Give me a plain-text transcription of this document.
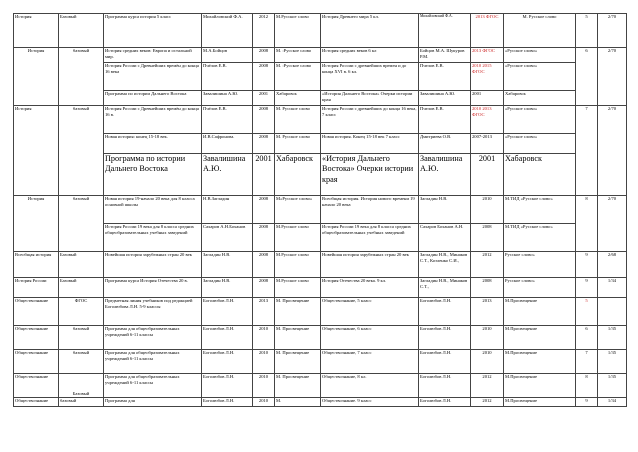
История	Базовый	Программа курса история 5 класс	Михайловский Ф.А.	2012	М.Русское слово	История Древнего мира 5 кл.	Михайловский Ф.А.	2013 ФГОС	М. Русское слово	5	2/70
История	базовый	История средних веков: Европа и остальной мир.	М.А.Бойцов	2008	М. :Русское слово	История средних веков 6 кл	Бойцов М.А. Шукуров Р.М.	2013 ФГОС	«Русское слово»	6	2/70
		История России с Древнейших времён до конца 16 века	Пчёлов Е.В.	2008	М. :Русское слово	История России с древнейших времен и до конца XVI в. 6 кл.	Пчелов Е.В.	2010 2015 ФГОС	«Русское слово»		
		Программа по истории Дальнего Востока	Завалишина А.Ю.	2001	Хабаровск	«История Дальнего Востока» Очерки истории края	Завалишина А.Ю.	2001	Хабаровск		
История	базовый	История России с Древнейших времён до конца 16 в.	Пчёлов Е.В.	2008	М. Русское слово	История России с древнейших до конца 16 века, 7 класс	Пчелов Е.В.	2010 2013 ФГОС	«Русское слово»	7	2/70
		Новая история: конец 15-18 век.	И.В.Сафронова.	2008	М. Русское слово	Новая история. Конец 15-18 век 7 класс	Дмитриева О.В.	2007-2013	«Русское слово»		
		Программа по истории Дальнего Востока	Завалишина А.Ю.	2001	Хабаровск	«История Дальнего Востока» Очерки истории края	Завалишина А.Ю.	2001	Хабаровск		
История	базовый	Новая история 19-начало 20 века для 8 класса основной школы	Н.В.Загладин	2008	М«Русское слово»	Всеобщая история. История нового времени 19 начало 20 века	Загладин Н.В.	2010	М.ТИД «Русское слово»	8	2/70
		История России 19 века для 8 класса средних общеобразовательных учебных заведений	Сахаров А.Н.Боханов	2008	М.Русское слово	История России 19 века для 8 класса средних общеобразовательных учебных заведений	Сахаров Боханов А.Н.	2008	М.ТИД «Русское слово»		
Всеобщая история	Базовый	Новейшая история зарубежных стран 20 век	Загладин Н.В.	2008	М.Русское слово	Новейшая история зарубежных стран 20 век	Загладин Н.В., Минаков С.Т., Козленко С.И.,	2012	Русское слово»	9	2/68
История России	Базовый	Программа курса История Отечества 20 в.	Загладин Н.В.	2008	М.Русское слово	История Отечества 20 века. 9 кл.	Загладин Н.В., Минаков С.Т.,	2008	Русское слово»	9	1/34
Обществознание	ФГОС	Предметная линия учебников под редакцией Боголюбова Л.Н. 5-9 классы	Боголюбов Л.Н.	2013	М. Просвещение	Обществознание, 5 класс	Боголюбов Л.Н.	2013	М.Просвещение	5	
Обществознание	базовый	Программа для общеобразовательных учреждений 6-11 классы	Боголюбов Л.Н.	2010	М. Просвещение	Обществознание, 6 класс	Боголюбов Л.Н.	2010	М.Просвещение	6	1/35
Обществознание	базовый	Программа для общеобразовательных учреждений 6-11 классы	Боголюбов Л.Н.	2010	М. Просвещение	Обществознание, 7 класс	Боголюбов Л.Н.	2010	М.Просвещение	7	1/35
Обществознание	Базовый	Программа для общеобразовательных учреждений 6-11 классы	Боголюбов Л.Н.	2010	М. Просвещение	Обществознание, 8 кл.	Боголюбов Л.Н.	2012	М.Просвещение	8	1/35
Обществознание	базовый	Программа для	Боголюбов Л.Н.	2010	М.	Обществознание. 9 класс	Боголюбов Л.Н.	2012	М.Просвещение	9	1/34
